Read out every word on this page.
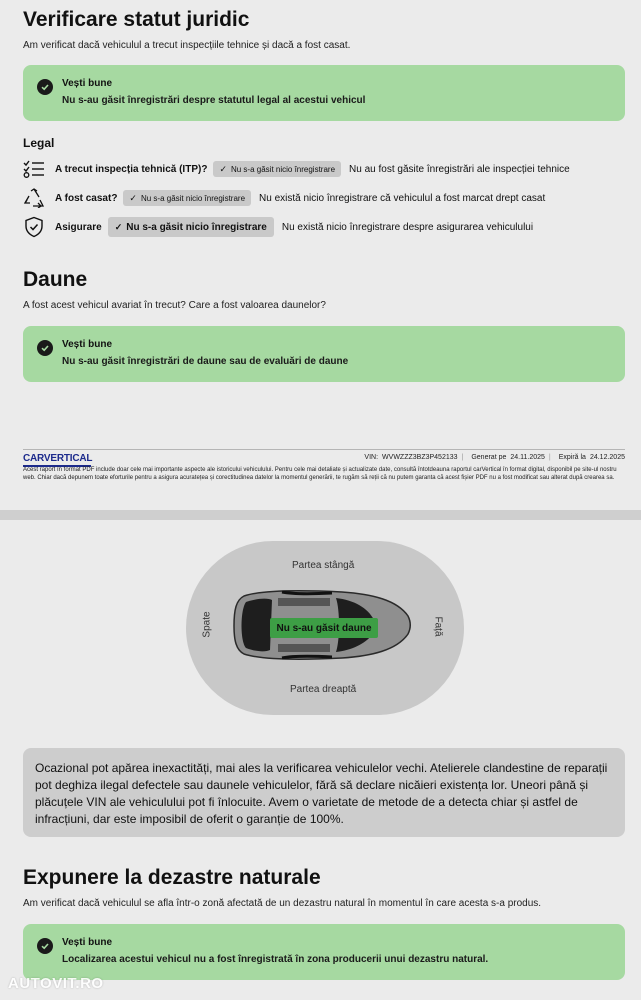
Verificare statut juridic
Am verificat dacă vehiculul a trecut inspecțiile tehnice și dacă a fost casat.
Vești bune
Nu s-au găsit înregistrări despre statutul legal al acestui vehicul
Legal
A trecut inspecția tehnică (ITP)? ✓ Nu s-a găsit nicio înregistrare Nu au fost găsite înregistrări ale inspecției tehnice
A fost casat? ✓ Nu s-a găsit nicio înregistrare Nu există nicio înregistrare că vehiculul a fost marcat drept casat
Asigurare ✓ Nu s-a găsit nicio înregistrare Nu există nicio înregistrare despre asigurarea vehiculului
Daune
A fost acest vehicul avariat în trecut? Care a fost valoarea daunelor?
Vești bune
Nu s-au găsit înregistrări de daune sau de evaluări de daune
CARVERTICAL	VIN: WVWZZZ3BZ3P452133 | Generat pe 24.11.2025 | Expiră la 24.12.2025
Acest raport în format PDF include doar cele mai importante aspecte ale istoricului vehiculului. Pentru cele mai detaliate și actualizate date, consultă întotdeauna raportul carVertical în format digital, disponibil pe site-ul nostru web. Chiar dacă depunem toate eforturile pentru a asigura acuratețea și corectitudinea datelor la momentul generării, te rugăm să reții că nu putem garanta că acest fișier PDF nu a fost modificat sau alterat după crearea sa.
Partea stângă
Partea dreaptă
Spate	Față
Nu s-au găsit daune
Ocazional pot apărea inexactități, mai ales la verificarea vehiculelor vechi. Atelierele clandestine de reparații pot deghiza ilegal defectele sau daunele vehiculelor, fără să declare nicăieri existența lor. Uneori până și plăcuțele VIN ale vehiculului pot fi înlocuite. Avem o varietate de metode de a detecta chiar și astfel de infracțiuni, dar este imposibil de oferit o garanție de 100%.
Expunere la dezastre naturale
Am verificat dacă vehiculul se afla într-o zonă afectată de un dezastru natural în momentul în care acesta s-a produs.
Vești bune
Localizarea acestui vehicul nu a fost înregistrată în zona producerii unui dezastru natural.
AUTOVIT.RO
